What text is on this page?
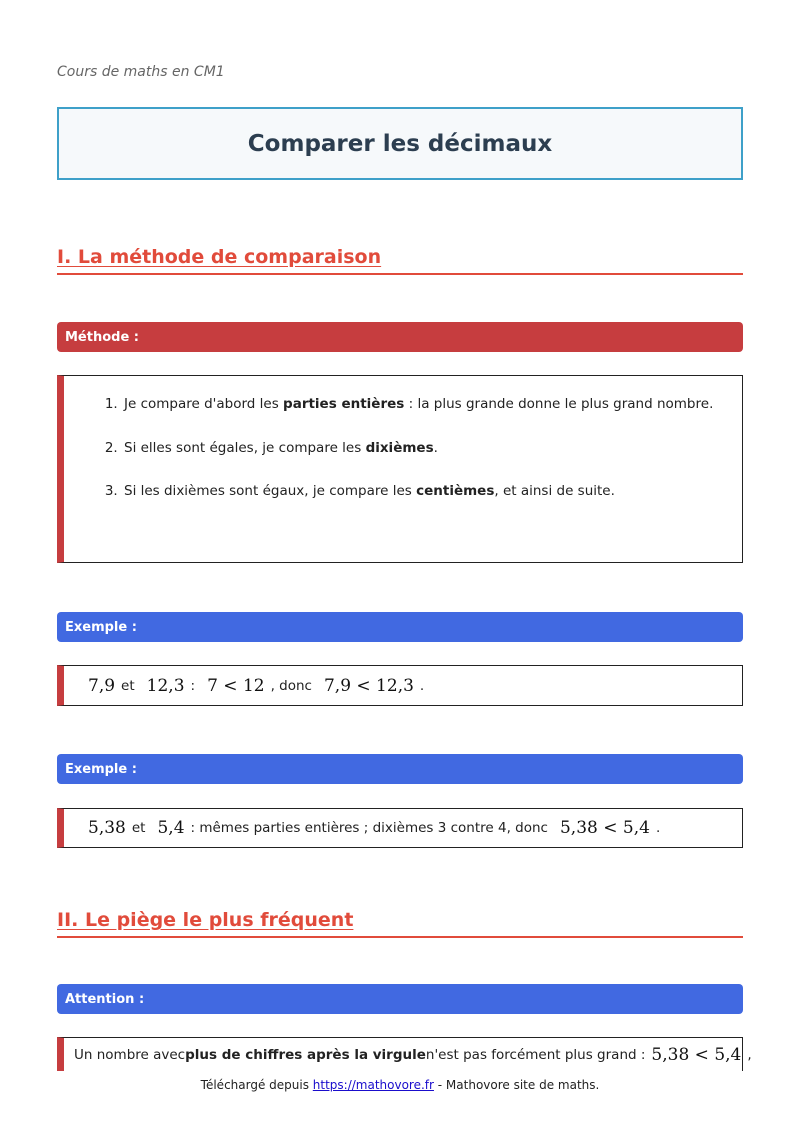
Cours de maths en CM1
Comparer les décimaux
I. La méthode de comparaison
Méthode :
1. Je compare d'abord les parties entières : la plus grande donne le plus grand nombre.
2. Si elles sont égales, je compare les dixièmes.
3. Si les dixièmes sont égaux, je compare les centièmes, et ainsi de suite.
Exemple :
7,9 et 12,3 : 7 < 12 , donc 7,9 < 12,3 .
Exemple :
5,38 et 5,4 : mêmes parties entières ; dixièmes 3 contre 4, donc 5,38 < 5,4 .
II. Le piège le plus fréquent
Attention :
Un nombre avec plus de chiffres après la virgule n'est pas forcément plus grand : 5,38 < 5,4 ,
Téléchargé depuis https://mathovore.fr - Mathovore site de maths.
